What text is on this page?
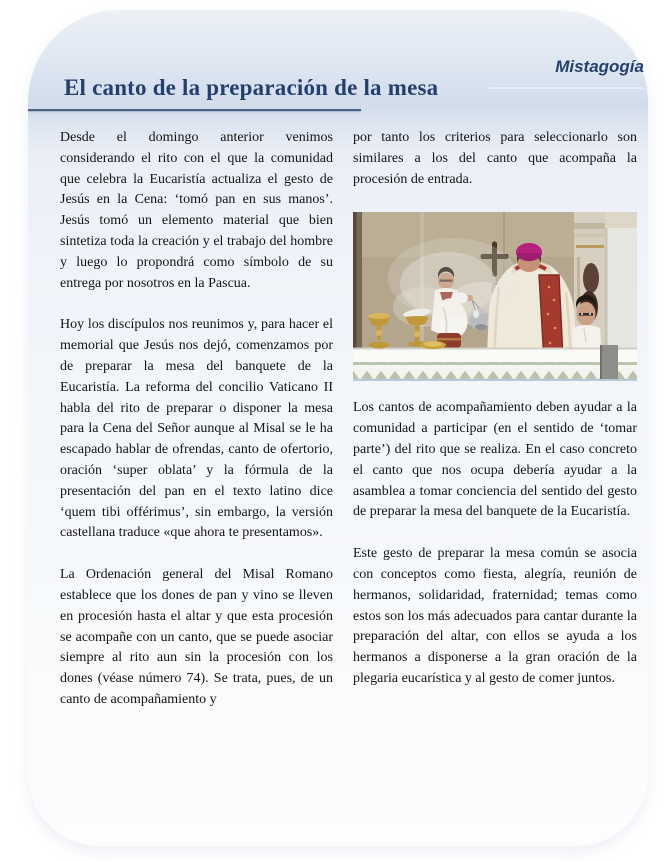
Mistagogía
El canto de la preparación de la mesa

Desde el domingo anterior venimos considerando el rito con el que la comunidad que celebra la Eucaristía actualiza el gesto de Jesús en la Cena: ‘tomó pan en sus manos’. Jesús tomó un elemento material que bien sintetiza toda la creación y el trabajo del hombre y luego lo propondrá como símbolo de su entrega por nosotros en la Pascua.

Hoy los discípulos nos reunimos y, para hacer el memorial que Jesús nos dejó, comenzamos por de preparar la mesa del banquete de la Eucaristía. La reforma del concilio Vaticano II habla del rito de preparar o disponer la mesa para la Cena del Señor aunque al Misal se le ha escapado hablar de ofrendas, canto de ofertorio, oración ‘super oblata’ y la fórmula de la presentación del pan en el texto latino dice ‘quem tibi offérimus’, sin embargo, la versión castellana traduce «que ahora te presentamos».

La Ordenación general del Misal Romano establece que los dones de pan y vino se lleven en procesión hasta el altar y que esta procesión se acompañe con un canto, que se puede asociar siempre al rito aun sin la procesión con los dones (véase número 74). Se trata, pues, de un canto de acompañamiento y

por tanto los criterios para seleccionarlo son similares a los del canto que acompaña la procesión de entrada.

Los cantos de acompañamiento deben ayudar a la comunidad a participar (en el sentido de ‘tomar parte’) del rito que se realiza. En el caso concreto el canto que nos ocupa debería ayudar a la asamblea a tomar conciencia del sentido del gesto de preparar la mesa del banquete de la Eucaristía.

Este gesto de preparar la mesa común se asocia con conceptos como fiesta, alegría, reunión de hermanos, solidaridad, fraternidad; temas como estos son los más adecuados para cantar durante la preparación del altar, con ellos se ayuda a los hermanos a disponerse a la gran oración de la plegaria eucarística y al gesto de comer juntos.
